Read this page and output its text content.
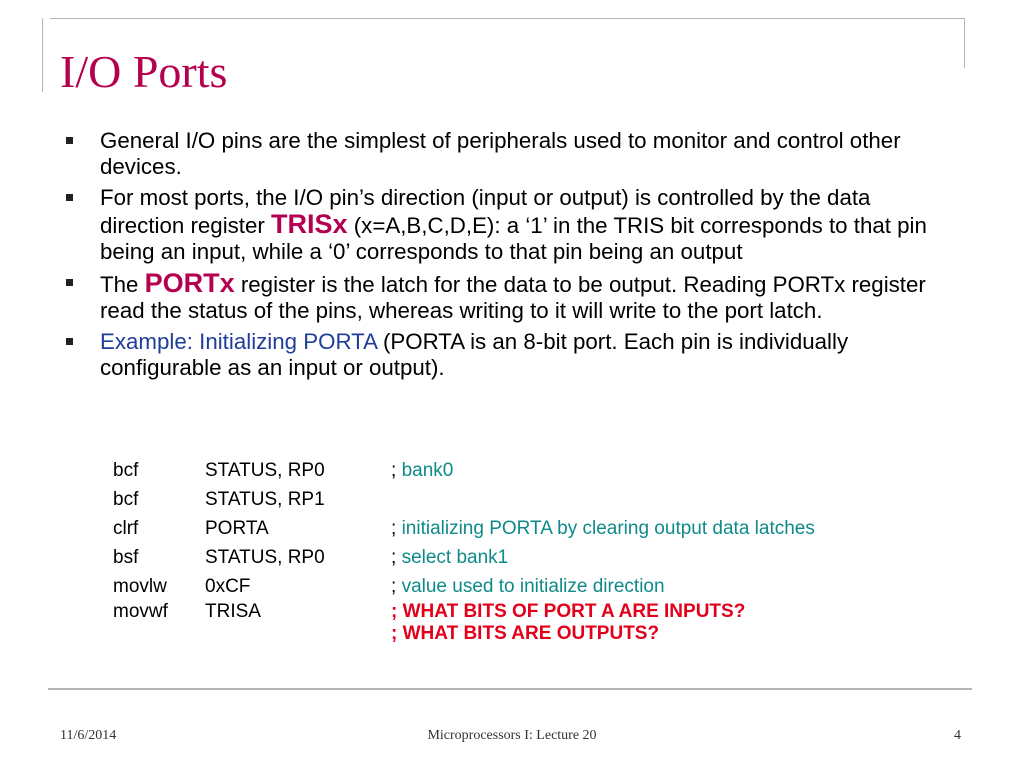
I/O Ports
General I/O pins are the simplest of peripherals used to monitor and control other devices.
For most ports, the I/O pin’s direction (input or output) is controlled by the data direction register TRISx (x=A,B,C,D,E): a ‘1’ in the TRIS bit corresponds to that pin being an input, while a ‘0’ corresponds to that pin being an output
The PORTx register is the latch for the data to be output. Reading PORTx register read the status of the pins, whereas writing to it will write to the port latch.
Example: Initializing PORTA (PORTA is an 8-bit port. Each pin is individually configurable as an input or output).
bcf	STATUS, RP0	; bank0
bcf	STATUS, RP1
clrf	PORTA	; initializing PORTA by clearing output data latches
bsf	STATUS, RP0	; select bank1
movlw 0xCF	; value used to initialize direction
movwf TRISA	; WHAT BITS OF PORT A ARE INPUTS?
; WHAT BITS ARE OUTPUTS?
11/6/2014	Microprocessors I: Lecture 20	4
